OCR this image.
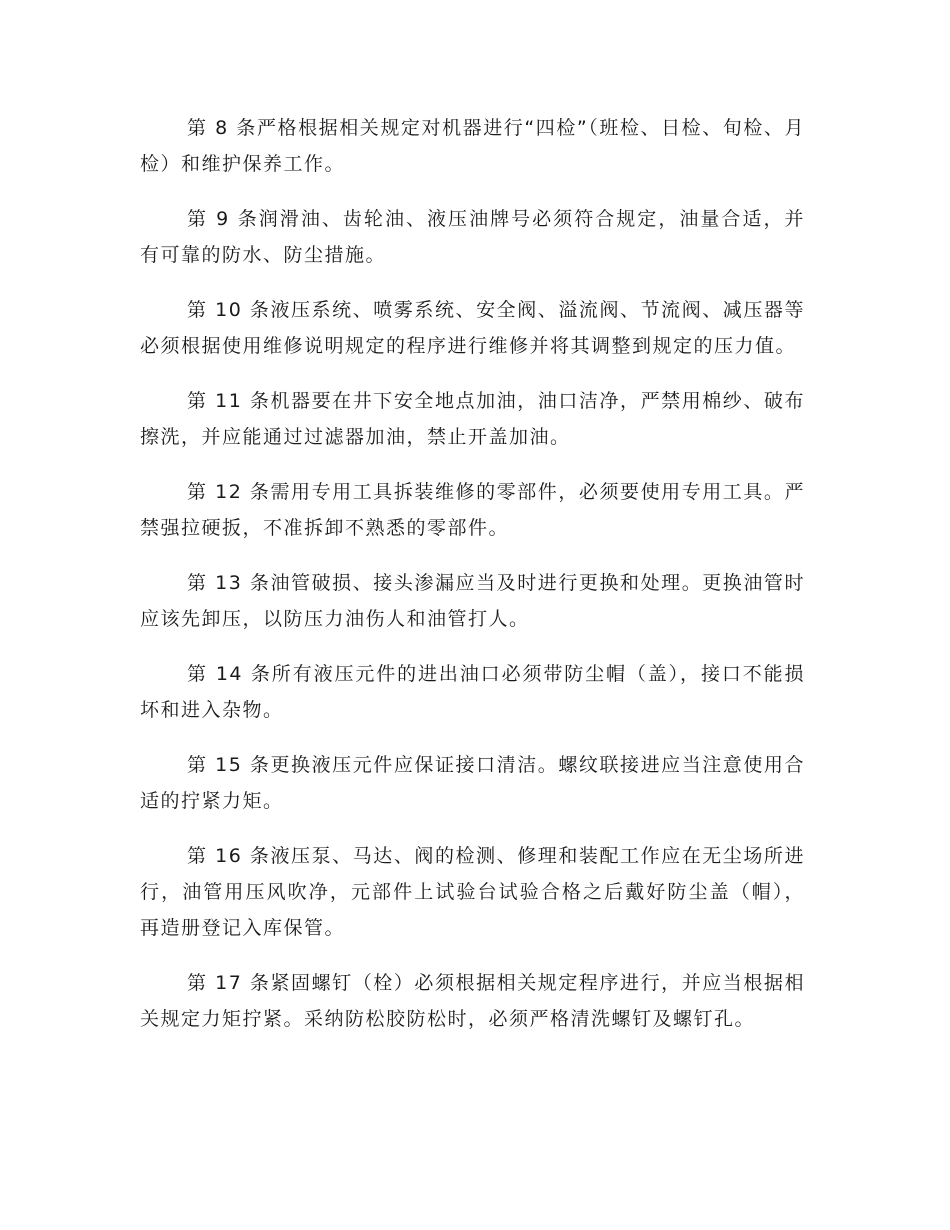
第 8 条严格根据相关规定对机器进行“四检”（班检、日检、旬检、月检）和维护保养工作。

第 9 条润滑油、齿轮油、液压油牌号必须符合规定，油量合适，并有可靠的防水、防尘措施。

第 10 条液压系统、喷雾系统、安全阀、溢流阀、节流阀、减压器等必须根据使用维修说明规定的程序进行维修并将其调整到规定的压力值。

第 11 条机器要在井下安全地点加油，油口洁净，严禁用棉纱、破布擦洗，并应能通过过滤器加油，禁止开盖加油。

第 12 条需用专用工具拆装维修的零部件，必须要使用专用工具。严禁强拉硬扳，不准拆卸不熟悉的零部件。

第 13 条油管破损、接头渗漏应当及时进行更换和处理。更换油管时应该先卸压，以防压力油伤人和油管打人。

第 14 条所有液压元件的进出油口必须带防尘帽（盖），接口不能损坏和进入杂物。

第 15 条更换液压元件应保证接口清洁。螺纹联接进应当注意使用合适的拧紧力矩。

第 16 条液压泵、马达、阀的检测、修理和装配工作应在无尘场所进行，油管用压风吹净，元部件上试验台试验合格之后戴好防尘盖（帽），再造册登记入库保管。

第 17 条紧固螺钉（栓）必须根据相关规定程序进行，并应当根据相关规定力矩拧紧。采纳防松胶防松时，必须严格清洗螺钉及螺钉孔。
